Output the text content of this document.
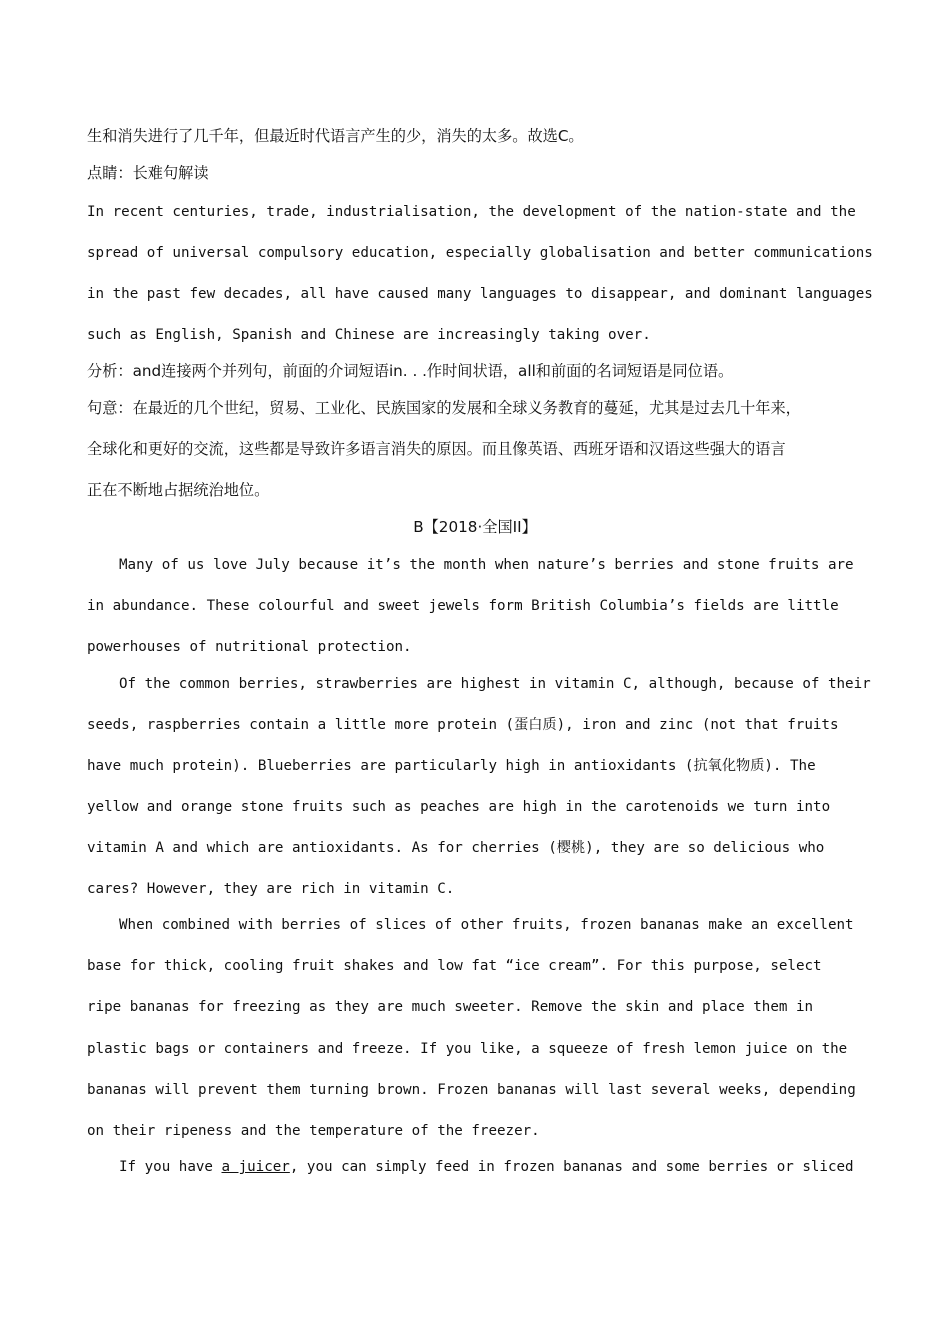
生和消失进行了几千年，但最近时代语言产生的少，消失的太多。故选C。
点睛：长难句解读
In recent centuries, trade, industrialisation, the development of the nation-state and the
spread of universal compulsory education, especially globalisation and better communications
in the past few decades, all have caused many languages to disappear, and dominant languages
such as English, Spanish and Chinese are increasingly taking over.
分析：and连接两个并列句，前面的介词短语in. . .作时间状语，all和前面的名词短语是同位语。
句意：在最近的几个世纪，贸易、工业化、民族国家的发展和全球义务教育的蔓延，尤其是过去几十年来，
全球化和更好的交流，这些都是导致许多语言消失的原因。而且像英语、西班牙语和汉语这些强大的语言
正在不断地占据统治地位。
B【2018·全国II】
Many of us love July because it’s the month when nature’s berries and stone fruits are
in abundance. These colourful and sweet jewels form British Columbia’s fields are little
powerhouses of nutritional protection.
Of the common berries, strawberries are highest in vitamin C, although, because of their
seeds, raspberries contain a little more protein (蛋白质), iron and zinc (not that fruits
have much protein). Blueberries are particularly high in antioxidants (抗氧化物质). The
yellow and orange stone fruits such as peaches are high in the carotenoids we turn into
vitamin A and which are antioxidants. As for cherries (樱桃), they are so delicious who
cares? However, they are rich in vitamin C.
When combined with berries of slices of other fruits, frozen bananas make an excellent
base for thick, cooling fruit shakes and low fat “ice cream”. For this purpose, select
ripe bananas for freezing as they are much sweeter. Remove the skin and place them in
plastic bags or containers and freeze. If you like, a squeeze of fresh lemon juice on the
bananas will prevent them turning brown. Frozen bananas will last several weeks, depending
on their ripeness and the temperature of the freezer.
If you have a juicer, you can simply feed in frozen bananas and some berries or sliced
